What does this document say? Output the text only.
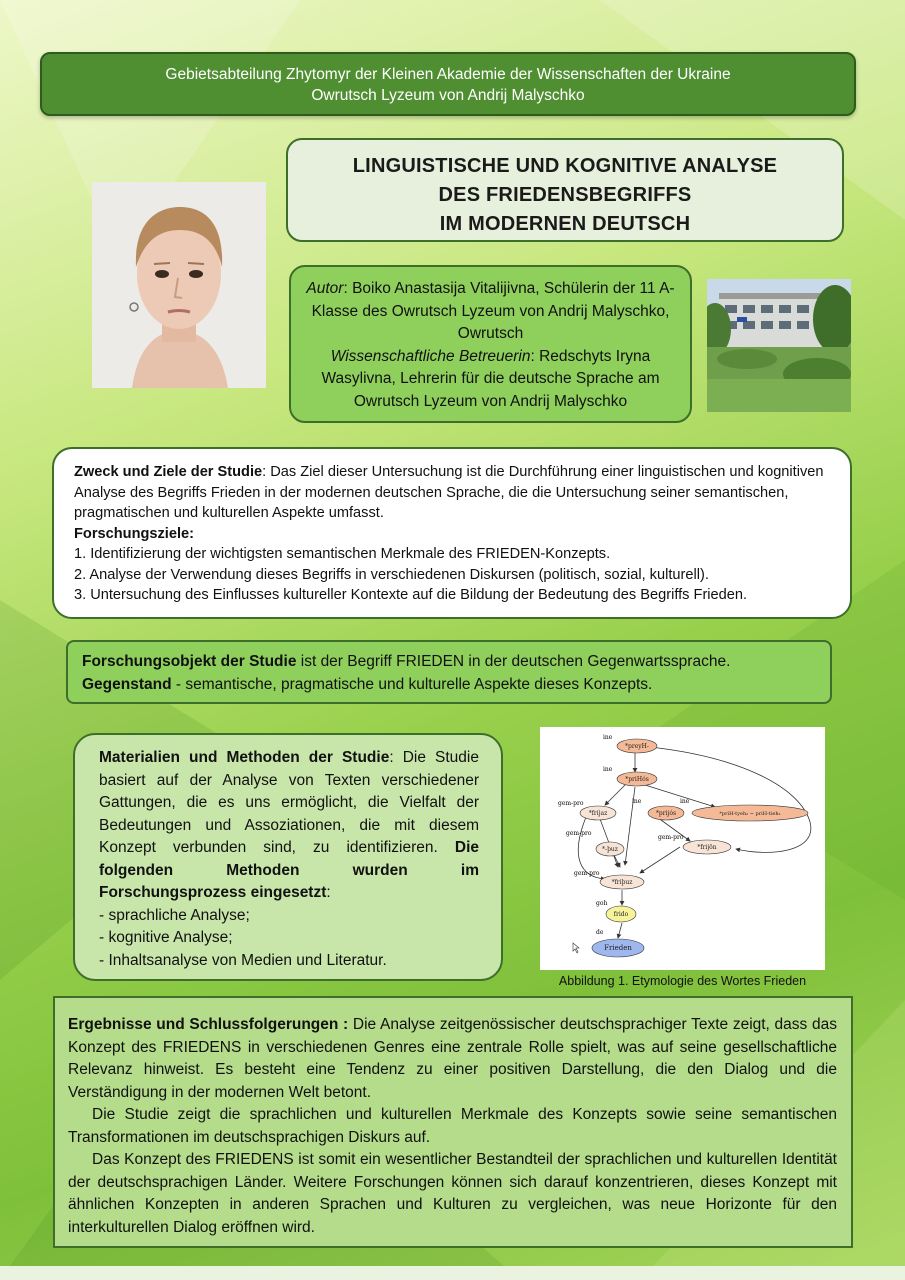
Gebietsabteilung Zhytomyr der Kleinen Akademie der Wissenschaften der Ukraine
Owrutsch Lyzeum von Andrij Malyschko
LINGUISTISCHE UND KOGNITIVE ANALYSE
DES FRIEDENSBEGRIFFS
IM MODERNEN DEUTSCH
Autor: Boiko Anastasija Vitalijivna, Schülerin der 11 A-Klasse des Owrutsch Lyzeum von Andrij Malyschko, Owrutsch
Wissenschaftliche Betreuerin: Redschyts Iryna Wasylivna, Lehrerin für die deutsche Sprache am Owrutsch Lyzeum von Andrij Malyschko
Zweck und Ziele der Studie: Das Ziel dieser Untersuchung ist die Durchführung einer linguistischen und kognitiven Analyse des Begriffs Frieden in der modernen deutschen Sprache, die die Untersuchung seiner semantischen, pragmatischen und kulturellen Aspekte umfasst.
Forschungsziele:
1. Identifizierung der wichtigsten semantischen Merkmale des FRIEDEN-Konzepts.
2. Analyse der Verwendung dieses Begriffs in verschiedenen Diskursen (politisch, sozial, kulturell).
3. Untersuchung des Einflusses kultureller Kontexte auf die Bildung der Bedeutung des Begriffs Frieden.
Forschungsobjekt der Studie ist der Begriff FRIEDEN in der deutschen Gegenwartssprache.
Gegenstand - semantische, pragmatische und kulturelle Aspekte dieses Konzepts.
Materialien und Methoden der Studie: Die Studie basiert auf der Analyse von Texten verschiedener Gattungen, die es uns ermöglicht, die Vielfalt der Bedeutungen und Assoziationen, die mit diesem Konzept verbunden sind, zu identifizieren. Die folgenden Methoden wurden im Forschungsprozess eingesetzt:
- sprachliche Analyse;
- kognitive Analyse;
- Inhaltsanalyse von Medien und Literatur.
ine
ine
gem-pro	ine	ine
gem-pro
gem-pro
gem-pro
goh
de
*preyH-
*priHós
*fríjaz	*prijós	*priH-tyeh₂ ~ priH-tieh₂
*-þuz	*frijōn
*friþuz
frido
Frieden
Abbildung 1. Etymologie des Wortes Frieden

Ergebnisse und Schlussfolgerungen : Die Analyse zeitgenössischer deutschsprachiger Texte zeigt, dass das Konzept des FRIEDENS in verschiedenen Genres eine zentrale Rolle spielt, was auf seine gesellschaftliche Relevanz hinweist. Es besteht eine Tendenz zu einer positiven Darstellung, die den Dialog und die Verständigung in der modernen Welt betont.

Die Studie zeigt die sprachlichen und kulturellen Merkmale des Konzepts sowie seine semantischen Transformationen im deutschsprachigen Diskurs auf.

Das Konzept des FRIEDENS ist somit ein wesentlicher Bestandteil der sprachlichen und kulturellen Identität der deutschsprachigen Länder. Weitere Forschungen können sich darauf konzentrieren, dieses Konzept mit ähnlichen Konzepten in anderen Sprachen und Kulturen zu vergleichen, was neue Horizonte für den interkulturellen Dialog eröffnen wird.
